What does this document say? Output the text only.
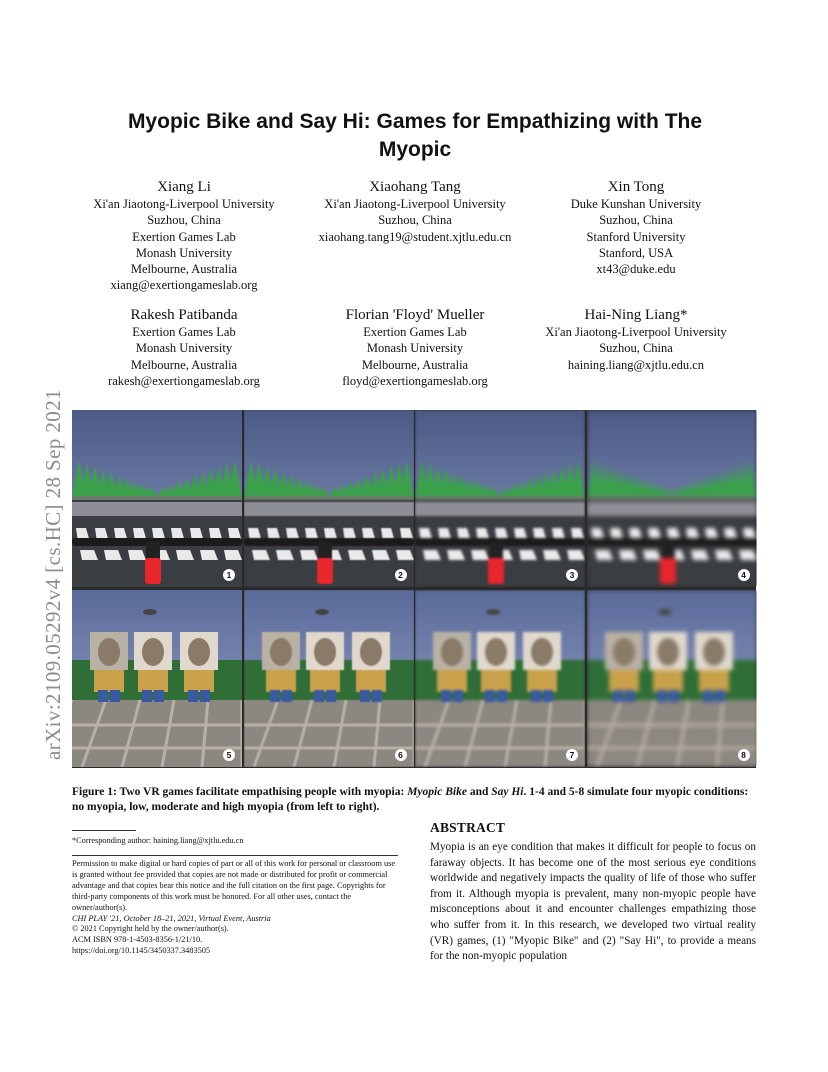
arXiv:2109.05292v4 [cs.HC] 28 Sep 2021
Myopic Bike and Say Hi: Games for Empathizing with The Myopic
Xiang Li
Xi'an Jiaotong-Liverpool University
Suzhou, China
Exertion Games Lab
Monash University
Melbourne, Australia
xiang@exertiongameslab.org
Xiaohang Tang
Xi'an Jiaotong-Liverpool University
Suzhou, China
xiaohang.tang19@student.xjtlu.edu.cn
Xin Tong
Duke Kunshan University
Suzhou, China
Stanford University
Stanford, USA
xt43@duke.edu
Rakesh Patibanda
Exertion Games Lab
Monash University
Melbourne, Australia
rakesh@exertiongameslab.org
Florian 'Floyd' Mueller
Exertion Games Lab
Monash University
Melbourne, Australia
floyd@exertiongameslab.org
Hai-Ning Liang*
Xi'an Jiaotong-Liverpool University
Suzhou, China
haining.liang@xjtlu.edu.cn
1	2	3	4
5	6	7	8
Figure 1: Two VR games facilitate empathising people with myopia: Myopic Bike and Say Hi. 1-4 and 5-8 simulate four myopic conditions: no myopia, low, moderate and high myopia (from left to right).
*Corresponding author: haining.liang@xjtlu.edu.cn
Permission to make digital or hard copies of part or all of this work for personal or classroom use is granted without fee provided that copies are not made or distributed for profit or commercial advantage and that copies bear this notice and the full citation on the first page. Copyrights for third-party components of this work must be honored. For all other uses, contact the owner/author(s).
CHI PLAY '21, October 18–21, 2021, Virtual Event, Austria
© 2021 Copyright held by the owner/author(s).
ACM ISBN 978-1-4503-8356-1/21/10.
https://doi.org/10.1145/3450337.3483505
ABSTRACT
Myopia is an eye condition that makes it difficult for people to focus on faraway objects. It has become one of the most serious eye conditions worldwide and negatively impacts the quality of life of those who suffer from it. Although myopia is prevalent, many non-myopic people have misconceptions about it and encounter challenges empathizing those who suffer from it. In this research, we developed two virtual reality (VR) games, (1) "Myopic Bike" and (2) "Say Hi", to provide a means for the non-myopic population
